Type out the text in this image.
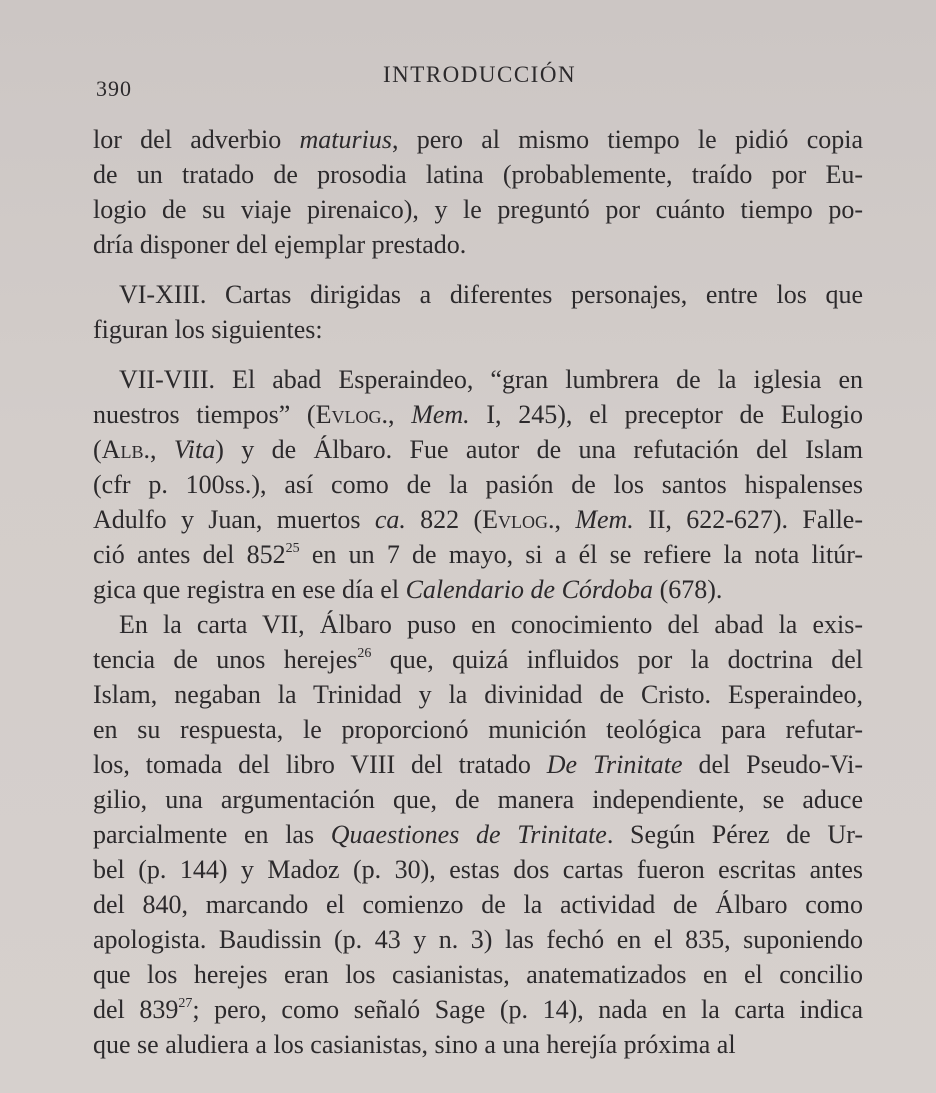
390
INTRODUCCIÓN
lor del adverbio maturius, pero al mismo tiempo le pidió copia
de un tratado de prosodia latina (probablemente, traído por Eu-
logio de su viaje pirenaico), y le preguntó por cuánto tiempo po-
dría disponer del ejemplar prestado.
VI-XIII. Cartas dirigidas a diferentes personajes, entre los que
figuran los siguientes:
VII-VIII. El abad Esperaindeo, “gran lumbrera de la iglesia en
nuestros tiempos” (Evlog., Mem. I, 245), el preceptor de Eulogio
(Alb., Vita) y de Álbaro. Fue autor de una refutación del Islam
(cfr p. 100ss.), así como de la pasión de los santos hispalenses
Adulfo y Juan, muertos ca. 822 (Evlog., Mem. II, 622-627). Falle-
ció antes del $852^{25}$ en un 7 de mayo, si a él se refiere la nota litúr-
gica que registra en ese día el Calendario de Córdoba (678).
En la carta VII, Álbaro puso en conocimiento del abad la exis-
tencia de unos herejes$^{26}$ que, quizá influidos por la doctrina del
Islam, negaban la Trinidad y la divinidad de Cristo. Esperaindeo,
en su respuesta, le proporcionó munición teológica para refutar-
los, tomada del libro VIII del tratado De Trinitate del Pseudo-Vi-
gilio, una argumentación que, de manera independiente, se aduce
parcialmente en las Quaestiones de Trinitate. Según Pérez de Ur-
bel (p. 144) y Madoz (p. 30), estas dos cartas fueron escritas antes
del 840, marcando el comienzo de la actividad de Álbaro como
apologista. Baudissin (p. 43 y n. 3) las fechó en el 835, suponiendo
que los herejes eran los casianistas, anatematizados en el concilio
del $839^{27}$; pero, como señaló Sage (p. 14), nada en la carta indica
que se aludiera a los casianistas, sino a una herejía próxima al
